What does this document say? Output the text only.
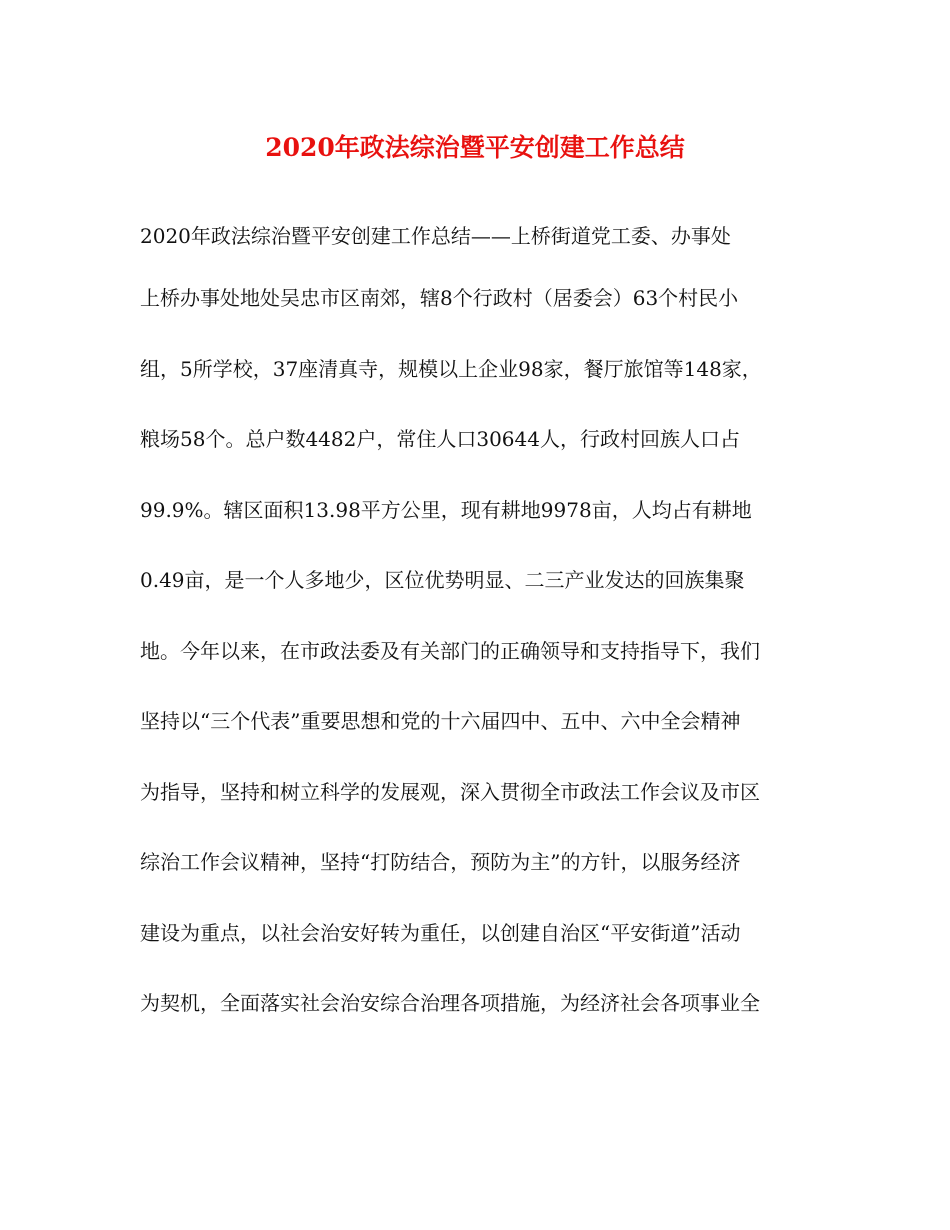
2020年政法综治暨平安创建工作总结
2020年政法综治暨平安创建工作总结——上桥街道党工委、办事处
上桥办事处地处吴忠市区南郊，辖8个行政村（居委会）63个村民小
组，5所学校，37座清真寺，规模以上企业98家，餐厅旅馆等148家，
粮场58个。总户数4482户，常住人口30644人，行政村回族人口占
99.9%。辖区面积13.98平方公里，现有耕地9978亩，人均占有耕地
0.49亩，是一个人多地少，区位优势明显、二三产业发达的回族集聚
地。今年以来，在市政法委及有关部门的正确领导和支持指导下，我们
坚持以“三个代表”重要思想和党的十六届四中、五中、六中全会精神
为指导，坚持和树立科学的发展观，深入贯彻全市政法工作会议及市区
综治工作会议精神，坚持“打防结合，预防为主”的方针，以服务经济
建设为重点，以社会治安好转为重任，以创建自治区“平安街道”活动
为契机，全面落实社会治安综合治理各项措施，为经济社会各项事业全
